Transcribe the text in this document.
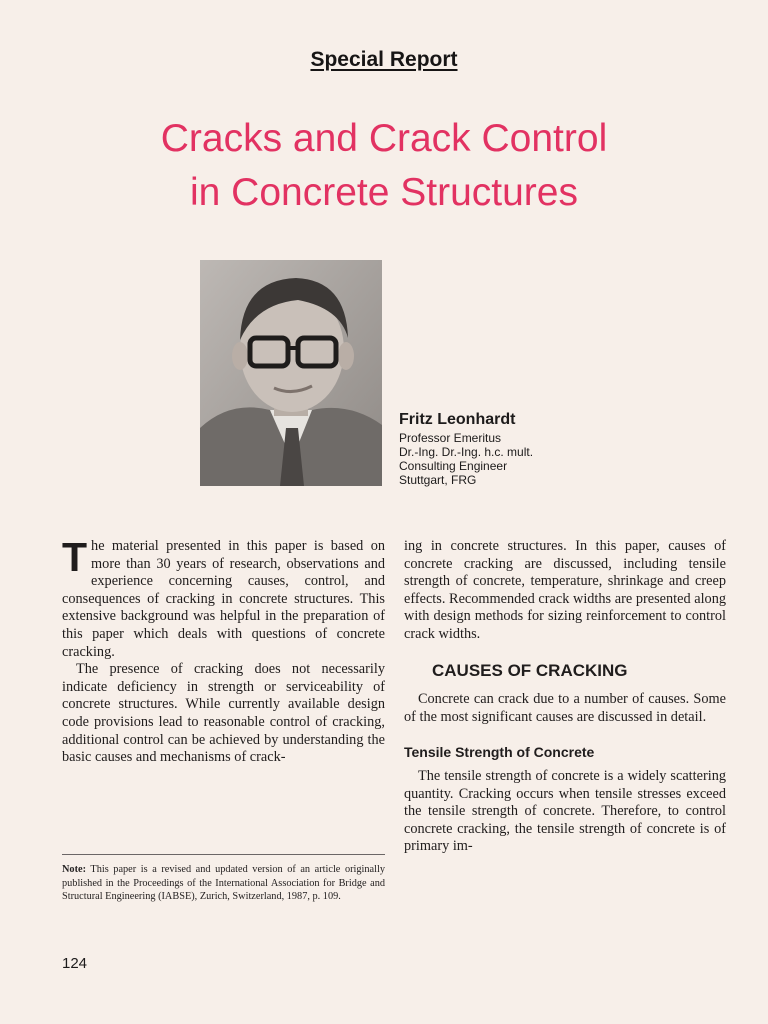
Special Report
Cracks and Crack Control
in Concrete Structures
Fritz Leonhardt
Professor Emeritus
Dr.-Ing. Dr.-Ing. h.c. mult.
Consulting Engineer
Stuttgart, FRG

The material presented in this paper is based on more than 30 years of research, observations and experience concerning causes, control, and consequences of cracking in concrete structures. This extensive background was helpful in the preparation of this paper which deals with questions of concrete cracking.

The presence of cracking does not necessarily indicate deficiency in strength or serviceability of concrete structures. While currently available design code provisions lead to reasonable control of cracking, additional control can be achieved by understanding the basic causes and mechanisms of crack-

ing in concrete structures. In this paper, causes of concrete cracking are discussed, including tensile strength of concrete, temperature, shrinkage and creep effects. Recommended crack widths are presented along with design methods for sizing reinforcement to control crack widths.

CAUSES OF CRACKING

Concrete can crack due to a number of causes. Some of the most significant causes are discussed in detail.

Tensile Strength of Concrete

The tensile strength of concrete is a widely scattering quantity. Cracking occurs when tensile stresses exceed the tensile strength of concrete. Therefore, to control concrete cracking, the tensile strength of concrete is of primary im-

Note: This paper is a revised and updated version of an article originally published in the Proceedings of the International Association for Bridge and Structural Engineering (IABSE), Zurich, Switzerland, 1987, p. 109.
124
